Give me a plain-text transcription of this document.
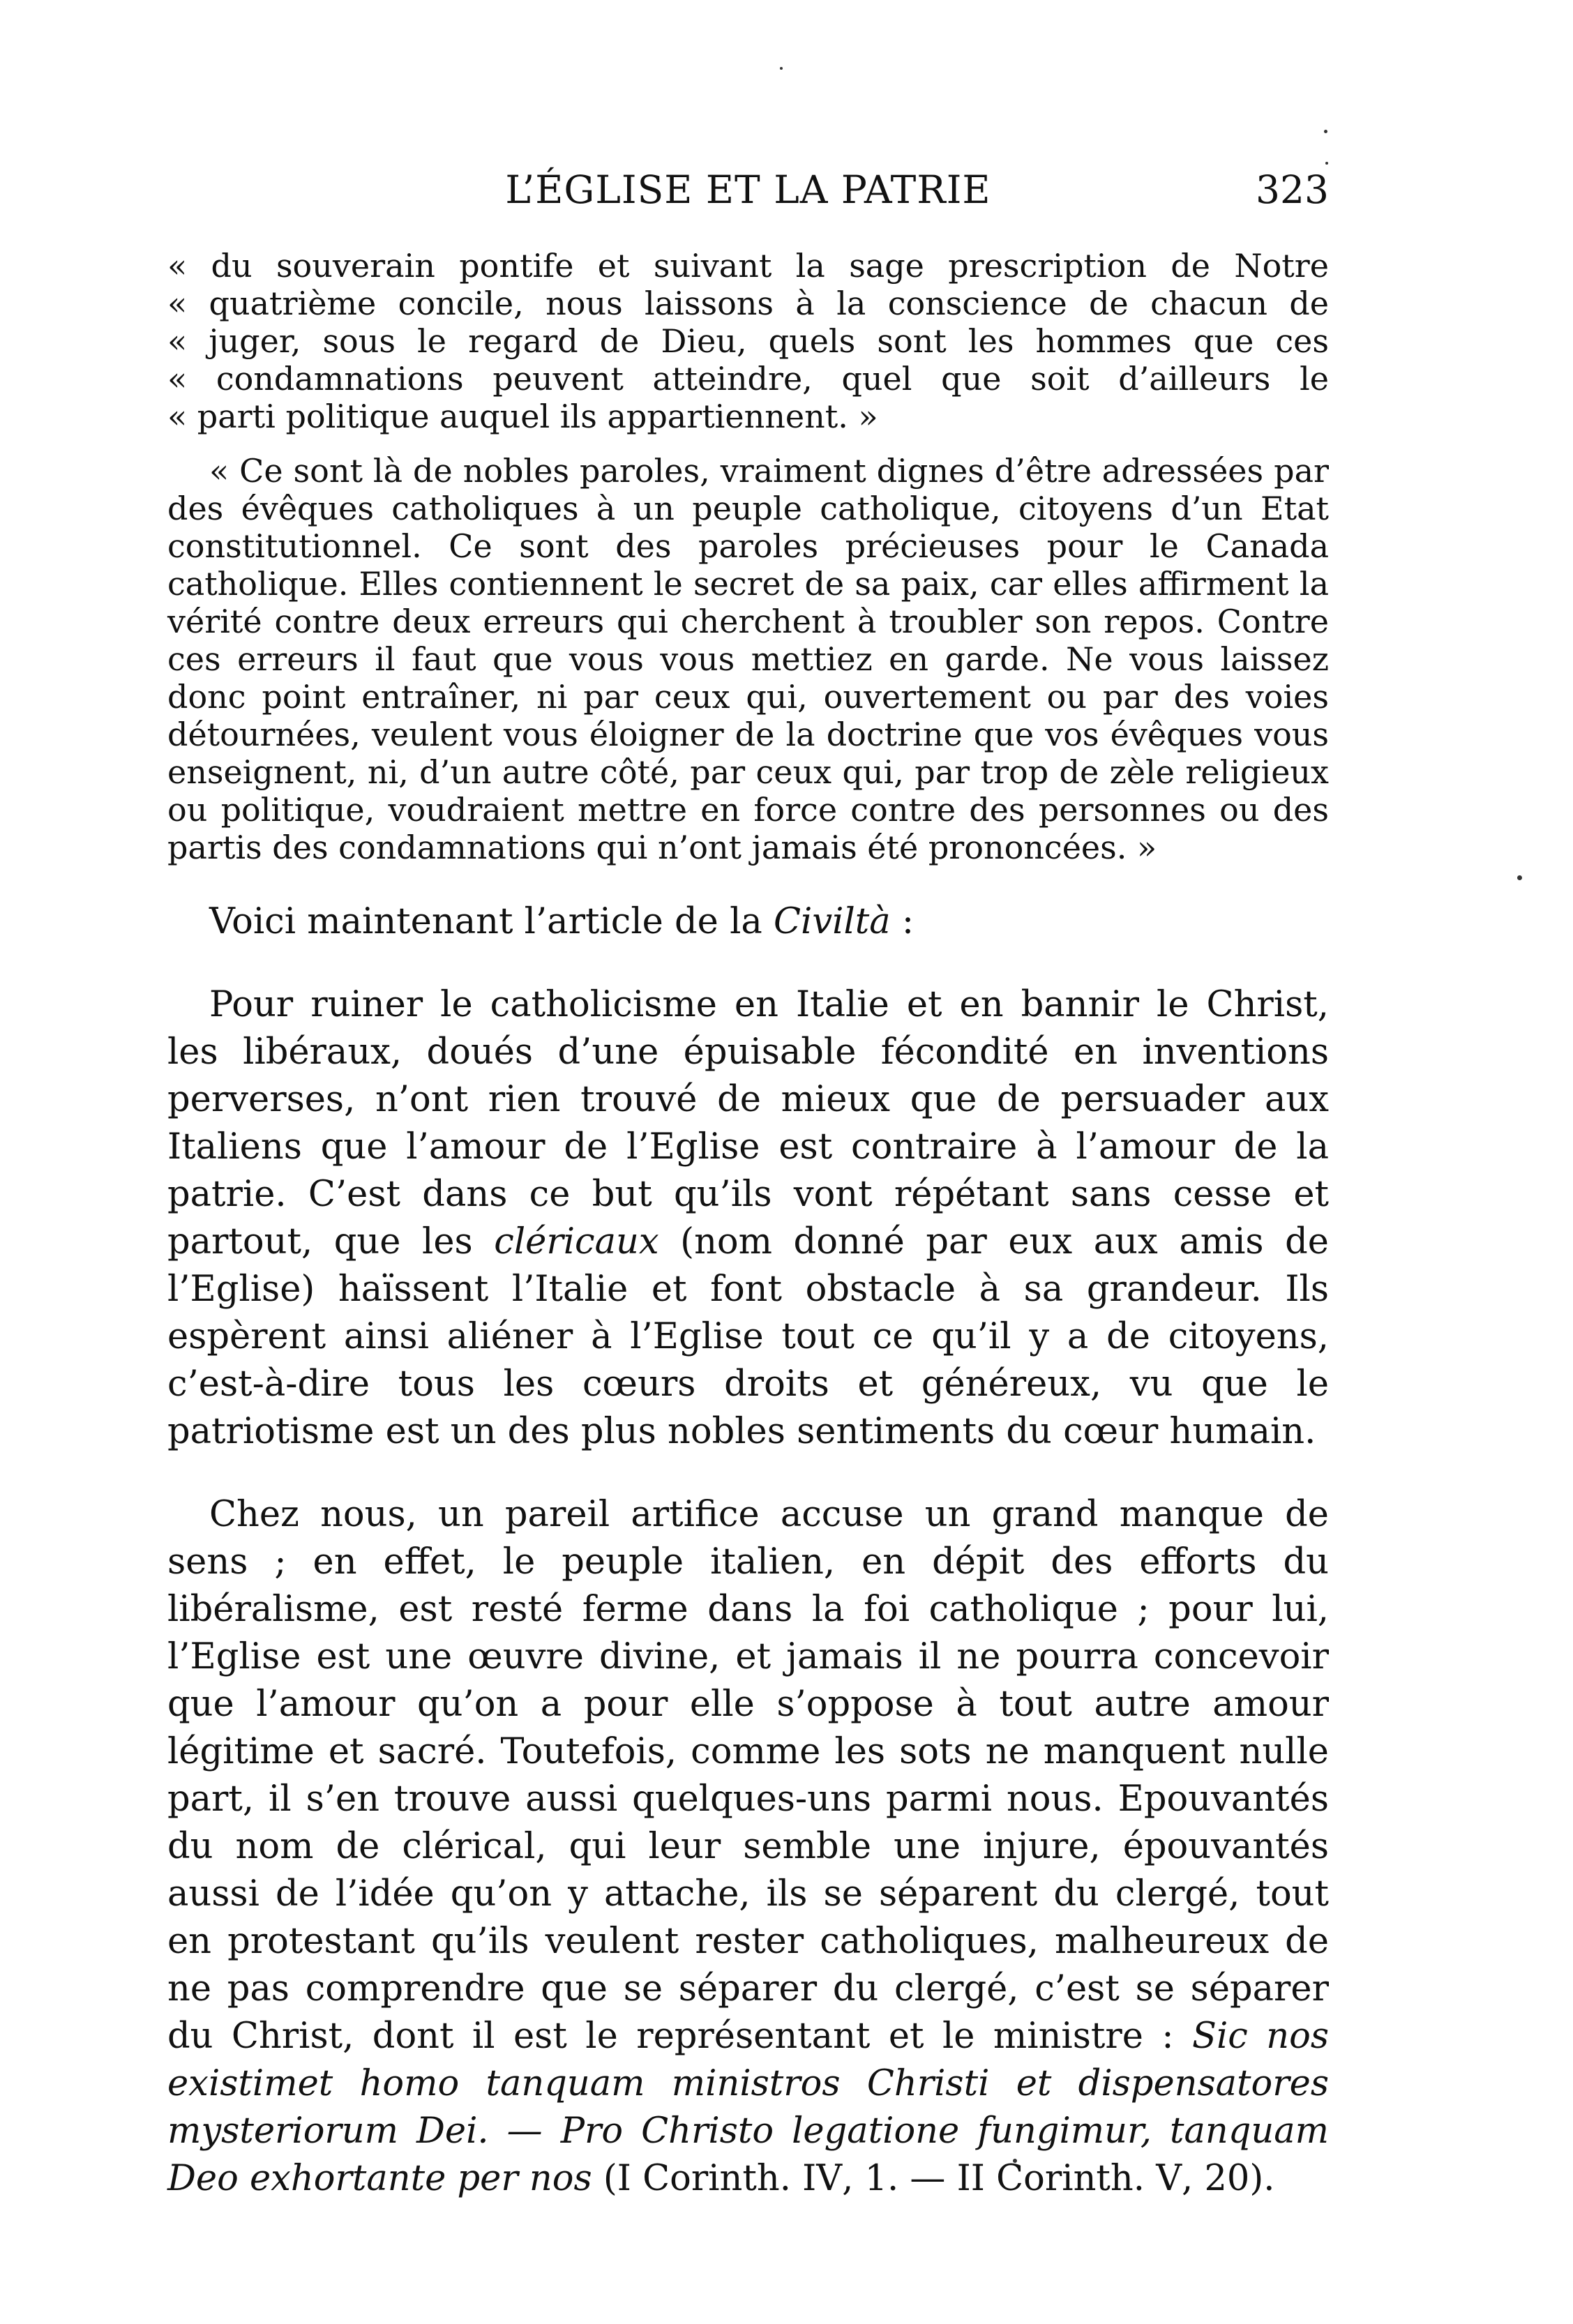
L’ÉGLISE ET LA PATRIE	323
« du souverain pontife et suivant la sage prescription de Notre
« quatrième concile, nous laissons à la conscience de chacun de
« juger, sous le regard de Dieu, quels sont les hommes que ces
« condamnations peuvent atteindre, quel que soit d’ailleurs le
« parti politique auquel ils appartiennent. »

« Ce sont là de nobles paroles, vraiment dignes d’être adressées par des évêques catholiques à un peuple catholique, citoyens d’un Etat constitutionnel. Ce sont des paroles précieuses pour le Canada catholique. Elles contiennent le secret de sa paix, car elles affirment la vérité contre deux erreurs qui cherchent à troubler son repos. Contre ces erreurs il faut que vous vous mettiez en garde. Ne vous laissez donc point entraîner, ni par ceux qui, ouvertement ou par des voies détournées, veulent vous éloigner de la doctrine que vos évêques vous enseignent, ni, d’un autre côté, par ceux qui, par trop de zèle religieux ou politique, voudraient mettre en force contre des personnes ou des partis des condamnations qui n’ont jamais été prononcées. »

Voici maintenant l’article de la Civiltà :

Pour ruiner le catholicisme en Italie et en bannir le Christ, les libéraux, doués d’une épuisable fécondité en inventions perverses, n’ont rien trouvé de mieux que de persuader aux Italiens que l’amour de l’Eglise est contraire à l’amour de la patrie. C’est dans ce but qu’ils vont répétant sans cesse et partout, que les cléricaux (nom donné par eux aux amis de l’Eglise) haïssent l’Italie et font obstacle à sa grandeur. Ils espèrent ainsi aliéner à l’Eglise tout ce qu’il y a de citoyens, c’est-à-dire tous les cœurs droits et généreux, vu que le patriotisme est un des plus nobles sentiments du cœur humain.

Chez nous, un pareil artifice accuse un grand manque de sens ; en effet, le peuple italien, en dépit des efforts du libéralisme, est resté ferme dans la foi catholique ; pour lui, l’Eglise est une œuvre divine, et jamais il ne pourra concevoir que l’amour qu’on a pour elle s’oppose à tout autre amour légitime et sacré. Toutefois, comme les sots ne manquent nulle part, il s’en trouve aussi quelques-uns parmi nous. Epouvantés du nom de clérical, qui leur semble une injure, épouvantés aussi de l’idée qu’on y attache, ils se séparent du clergé, tout en protestant qu’ils veulent rester catholiques, malheureux de ne pas comprendre que se séparer du clergé, c’est se séparer du Christ, dont il est le représentant et le ministre : Sic nos existimet homo tanquam ministros Christi et dispensatores mysteriorum Dei. — Pro Christo legatione fungimur, tanquam Deo exhortante per nos (I Corinth. IV, 1. — II Corinth. V, 20).
